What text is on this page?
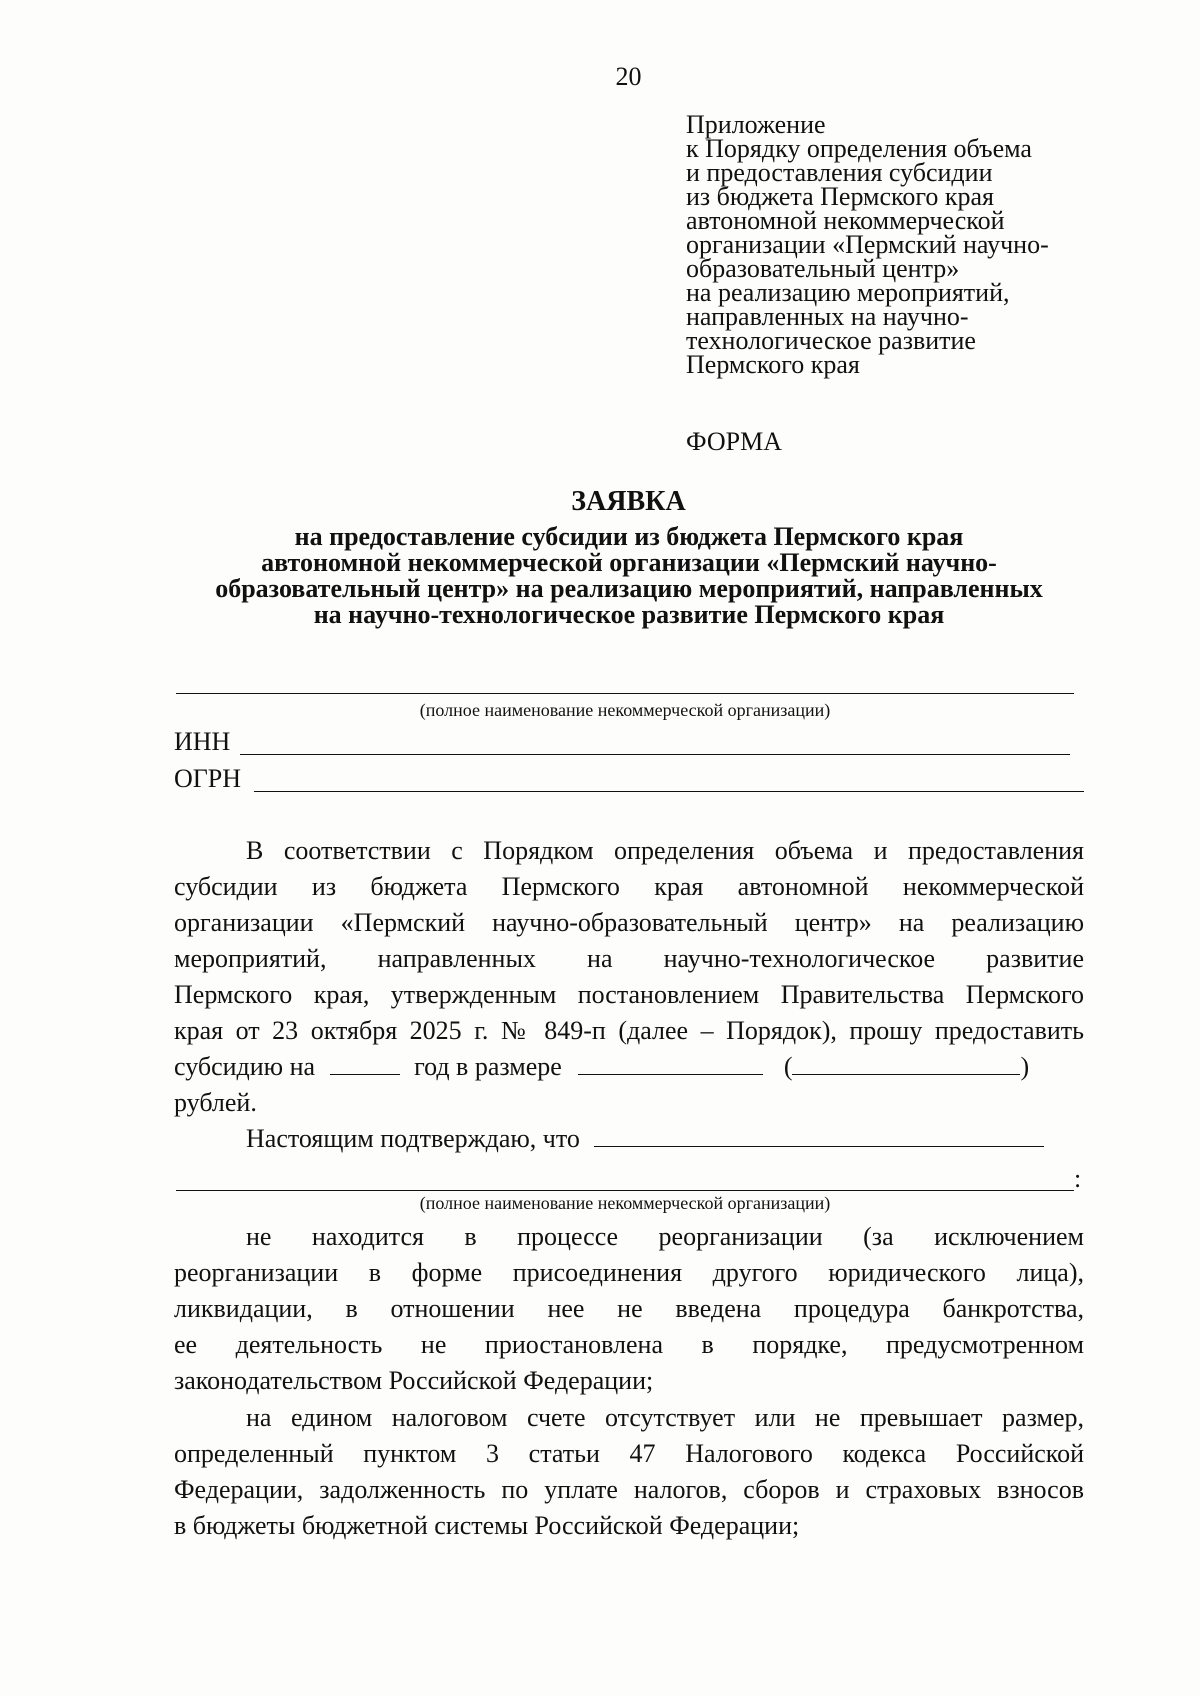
20
Приложение
к Порядку определения объема
и предоставления субсидии
из бюджета Пермского края
автономной некоммерческой
организации «Пермский научно-
образовательный центр»
на реализацию мероприятий,
направленных на научно-
технологическое развитие
Пермского края
ФОРМА
ЗАЯВКА
на предоставление субсидии из бюджета Пермского края
автономной некоммерческой организации «Пермский научно-
образовательный центр» на реализацию мероприятий, направленных
на научно-технологическое развитие Пермского края
(полное наименование некоммерческой организации)
ИНН
ОГРН
В соответствии с Порядком определения объема и предоставления
субсидии из бюджета Пермского края автономной некоммерческой
организации «Пермский научно-образовательный центр» на реализацию
мероприятий, направленных на научно-технологическое развитие
Пермского края, утвержденным постановлением Правительства Пермского
края от 23 октября 2025 г. № 849-п (далее – Порядок), прошу предоставить
субсидию на	год в размере	(	)
рублей.
Настоящим подтверждаю, что
:
(полное наименование некоммерческой организации)
не находится в процессе реорганизации (за исключением
реорганизации в форме присоединения другого юридического лица),
ликвидации, в отношении нее не введена процедура банкротства,
ее деятельность не приостановлена в порядке, предусмотренном
законодательством Российской Федерации;
на едином налоговом счете отсутствует или не превышает размер,
определенный пунктом 3 статьи 47 Налогового кодекса Российской
Федерации, задолженность по уплате налогов, сборов и страховых взносов
в бюджеты бюджетной системы Российской Федерации;
